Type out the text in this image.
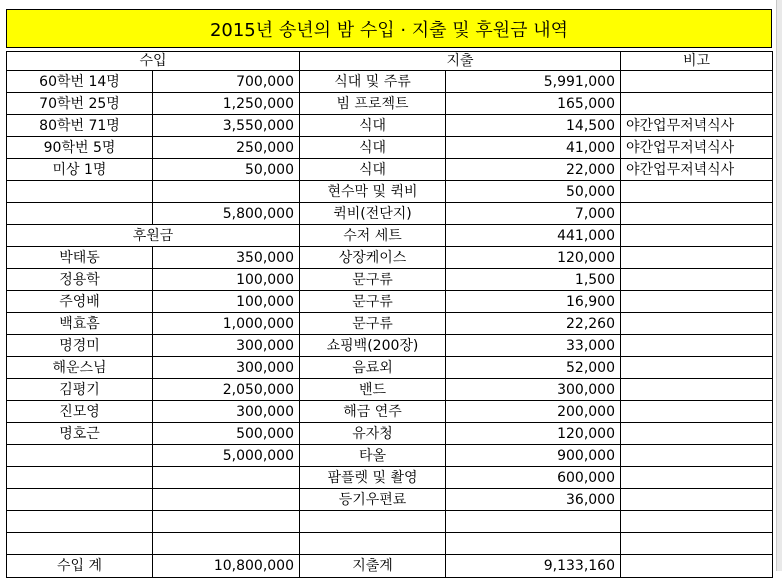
2015년 송년의 밤 수입 · 지출 및 후원금 내역
수입		지출		비고
60학번 14명	700,000	식대 및 주류	5,991,000	
70학번 25명	1,250,000	빔 프로젝트	165,000	
80학번 71명	3,550,000	식대	14,500	야간업무저녁식사
90학번 5명	250,000	식대	41,000	야간업무저녁식사
미상 1명	50,000	식대	22,000	야간업무저녁식사
		현수막 및 퀵비	50,000	
	5,800,000	퀵비(전단지)	7,000	
후원금		수저 세트	441,000	
박태동	350,000	상장케이스	120,000	
정용학	100,000	문구류	1,500	
주영배	100,000	문구류	16,900	
백효흠	1,000,000	문구류	22,260	
명경미	300,000	쇼핑백(200장)	33,000	
해운스님	300,000	음료외	52,000	
김평기	2,050,000	밴드	300,000	
진모영	300,000	해금 연주	200,000	
명호근	500,000	유자청	120,000	
	5,000,000	타올	900,000	
		팜플렛 및 촬영	600,000	
		등기우편료	36,000	

수입 계	10,800,000	지출계	9,133,160	
